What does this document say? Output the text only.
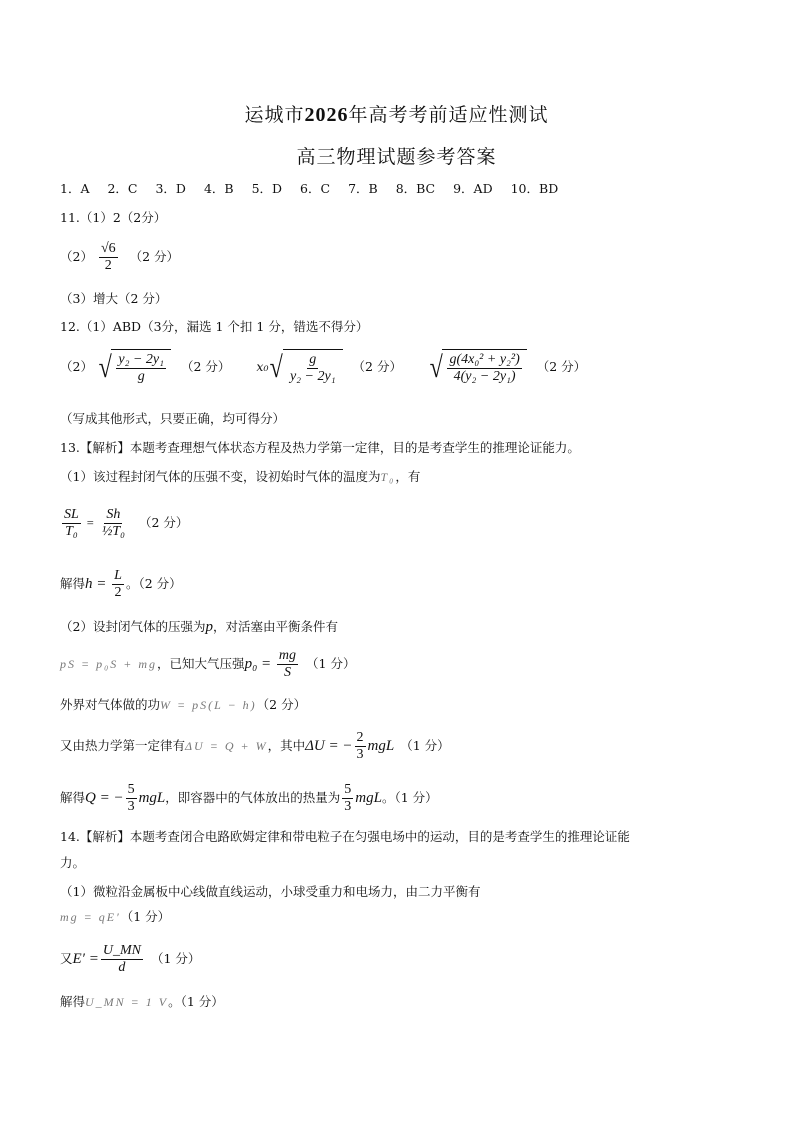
运城市2026年高考考前适应性测试
高三物理试题参考答案
1．A 2．C 3．D 4．B 5．D 6．C 7．B 8．BC 9．AD 10．BD
11.（1）2（2分）
$(2) \frac{√6}{2} (2$ 分）
（3）增大（2 分）
12.（1）ABD（3分，漏选 1 个扣 1 分，错选不得分）
（2） √ $\frac{\text{y₂ − 2y₁}}{g} (2$ 分） x₀ √ $\frac{g}{\text{y₂ − 2y₁}} (2$ 分） √ $\frac{\text{g(4x₀² + y₂²)}}{\text{4(y₂ − 2y₁)}} (2$ 分）
（写成其他形式，只要正确，均可得分）
13.【解析】本题考查理想气体状态方程及热力学第一定律，目的是考查学生的推理论证能力。
（1）该过程封闭气体的压强不变，设初始时气体的温度为T₀，有
$\frac{SL}{\text{T₀}} = \frac{Sh}{\text{½T₀}} (2$ 分）
解得$h = \frac{L}{2}$ 。（2 分）
（2）设封闭气体的压强为p，对活塞由平衡条件有
pS = p₀S + mg，已知大气压强$p_0 = \frac{mg}{S} (1$ 分）
外界对气体做的功W = pS(L − h)（2 分）
又由热力学第一定律有ΔU = Q + W，其中ΔU = − $\frac{2}{3}$ mgL （1 分）
解得Q = − $\frac{5}{3}$ mgL，即容器中的气体放出的热量为 $\frac{5}{3}$ mgL。（1 分）
14.【解析】本题考查闭合电路欧姆定律和带电粒子在匀强电场中的运动，目的是考查学生的推理论证能
力。
（1）微粒沿金属板中心线做直线运动，小球受重力和电场力，由二力平衡有
mg = qE′（1 分）
又$E' = \frac{U\_MN}{d} (1$ 分）
解得U_MN = 1 V。（1 分）
